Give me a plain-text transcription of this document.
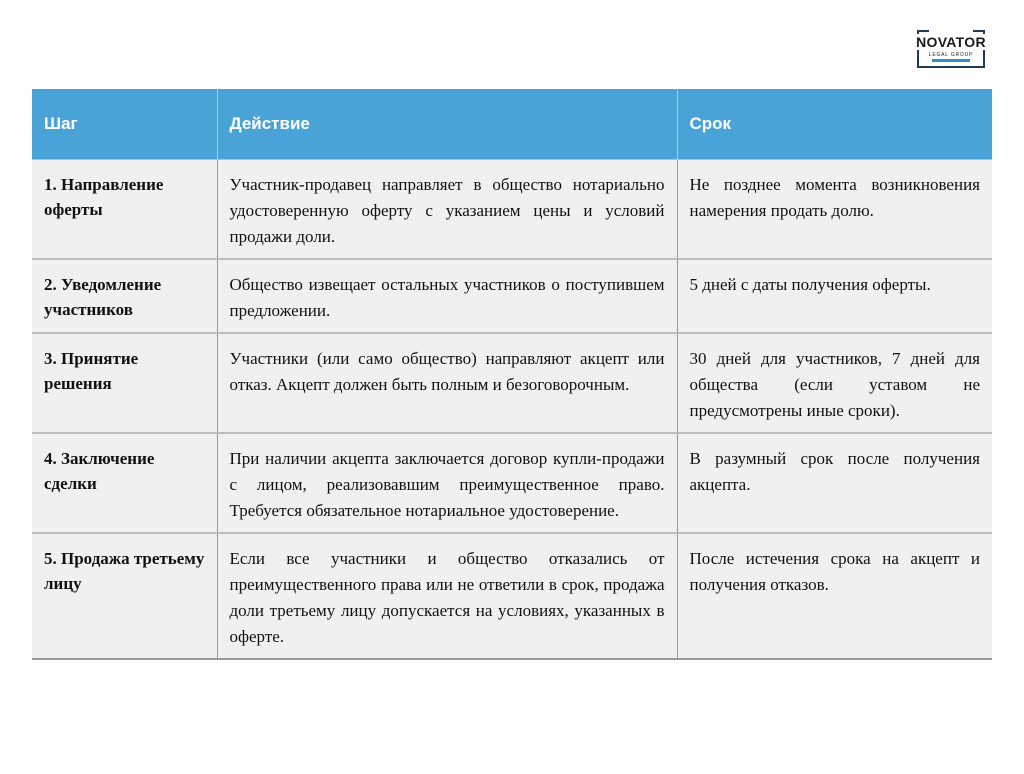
NOVATOR
LEGAL GROUP
Шаг	Действие	Срок
1. Направление оферты	Участник-продавец направляет в общество нотариально удостоверенную оферту с указанием цены и условий продажи доли.	Не позднее момента возникновения намерения продать долю.
2. Уведомление участников	Общество извещает остальных участников о поступившем предложении.	5 дней с даты получения оферты.
3. Принятие решения	Участники (или само общество) направляют акцепт или отказ. Акцепт должен быть полным и безоговорочным.	30 дней для участников, 7 дней для общества (если уставом не предусмотрены иные сроки).
4. Заключение сделки	При наличии акцепта заключается договор купли-продажи с лицом, реализовавшим преимущественное право. Требуется обязательное нотариальное удостоверение.	В разумный срок после получения акцепта.
5. Продажа третьему лицу	Если все участники и общество отказались от преимущественного права или не ответили в срок, продажа доли третьему лицу допускается на условиях, указанных в оферте.	После истечения срока на акцепт и получения отказов.
